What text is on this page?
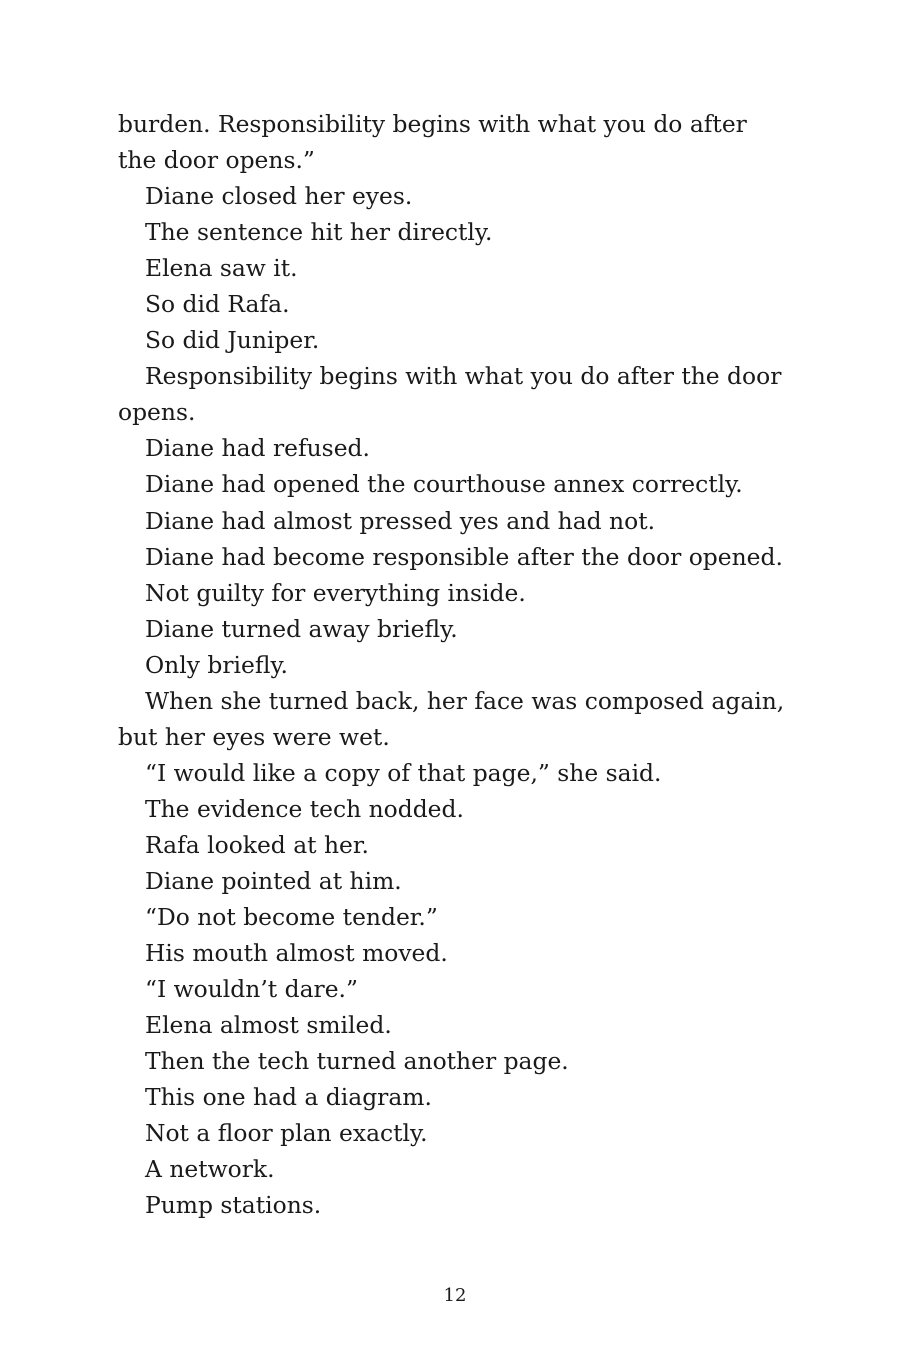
burden. Responsibility begins with what you do after the door opens.”

Diane closed her eyes.

The sentence hit her directly.

Elena saw it.

So did Rafa.

So did Juniper.

Responsibility begins with what you do after the door opens.

Diane had refused.

Diane had opened the courthouse annex correctly.

Diane had almost pressed yes and had not.

Diane had become responsible after the door opened.

Not guilty for everything inside.

Diane turned away briefly.

Only briefly.

When she turned back, her face was composed again, but her eyes were wet.

“I would like a copy of that page,” she said.

The evidence tech nodded.

Rafa looked at her.

Diane pointed at him.

“Do not become tender.”

His mouth almost moved.

“I wouldn’t dare.”

Elena almost smiled.

Then the tech turned another page.

This one had a diagram.

Not a floor plan exactly.

A network.

Pump stations.

12
